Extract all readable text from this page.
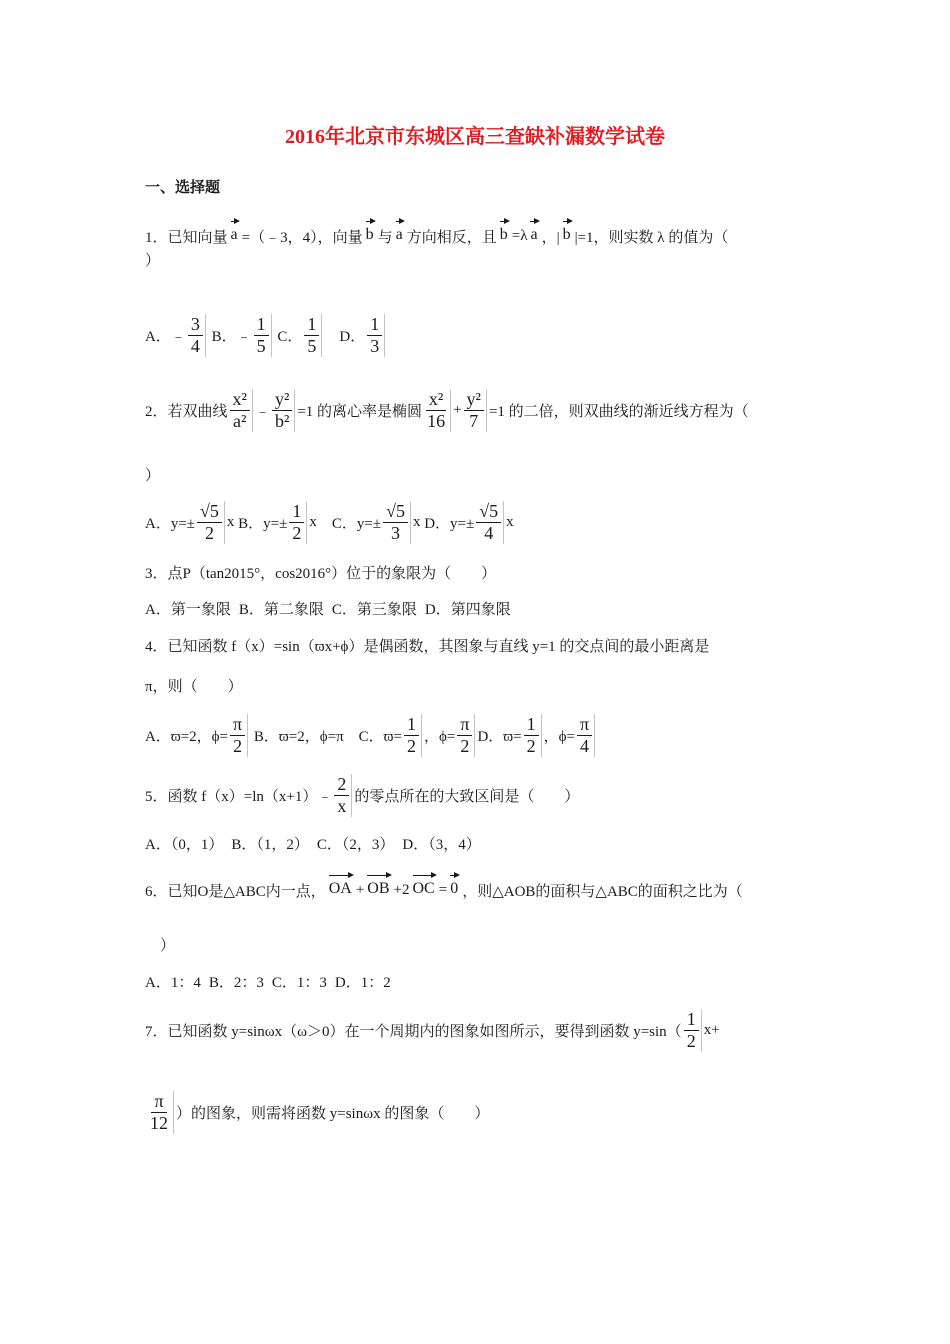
2016年北京市东城区高三查缺补漏数学试卷
一、选择题
1．已知向量 a =（﹣3，4），向量 b 与 a 方向相反，且 b =λ a ，| b |=1，则实数 λ 的值为（
）
A．﹣ $\frac{3}{4}$ B．﹣ $\frac{1}{5}$ C． $\frac{1}{5}$ 　D． $\frac{1}{3}$
2．若双曲线 $\frac{\text{x²}}{\text{a²}}$ ﹣ $\frac{\text{y²}}{\text{b²}} =1$ 的离心率是椭圆 $\frac{\text{x²}}{16} + \frac{\text{y²}}{7} =1$ 的二倍，则双曲线的渐近线方程为（
）
A．$y=\pm \frac{√5}{2}$ x B．$y=\pm \frac{1}{2}$ x 　C．$y=\pm \frac{√5}{3}$ x D．$y=\pm \frac{√5}{4}$ x
3．点P（tan2015°，cos2016°）位于的象限为（　　）
A．第一象限 B．第二象限 C．第三象限 D．第四象限
4．已知函数 f（x）=sin（ϖx+ϕ）是偶函数，其图象与直线 y=1 的交点间的最小距离是
π，则（　　）
A．ϖ=2，$\phi= \frac{\pi}{2}$ B．ϖ=2，ϕ=π　 C．$ϖ= \frac{1}{2}$ ，$\phi= \frac{\pi}{2}$ D．$ϖ= \frac{1}{2}$ ，$\phi= \frac{\pi}{4}$
5．函数 f（x）=ln（x+1）﹣ $\frac{2}{x}$ 的零点所在的大致区间是（　　）
A．（0，1） B．（1，2） C．（2，3） D．（3，4）
6．已知O是△ABC内一点， OA + OB +2 OC = 0 ，则△AOB的面积与△ABC的面积之比为（
）
A．1：4 B．2：3 C．1：3 D．1：2
7．已知函数 y=sinωx（ω＞0）在一个周期内的图象如图所示，要得到函数 $y=\sin( \frac{1}{2} x+$
$\frac{\pi}{12}$ ）的图象，则需将函数 y=sinωx 的图象（　　）
